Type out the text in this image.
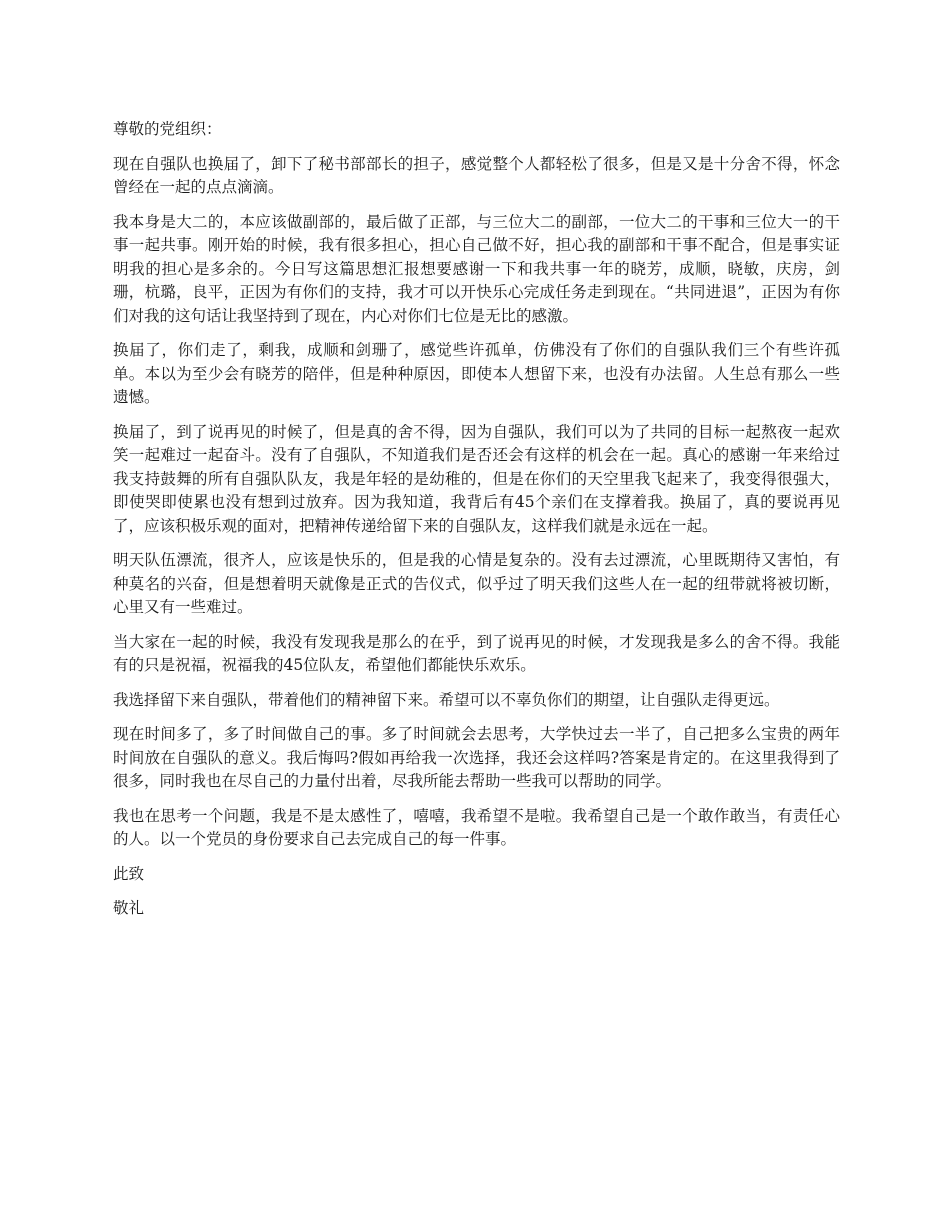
尊敬的党组织：

现在自强队也换届了，卸下了秘书部部长的担子，感觉整个人都轻松了很多，但是又是十分舍不得，怀念曾经在一起的点点滴滴。

我本身是大二的，本应该做副部的，最后做了正部，与三位大二的副部，一位大二的干事和三位大一的干事一起共事。刚开始的时候，我有很多担心，担心自己做不好，担心我的副部和干事不配合，但是事实证明我的担心是多余的。今日写这篇思想汇报想要感谢一下和我共事一年的晓芳，成顺，晓敏，庆房，剑珊，杭璐，良平，正因为有你们的支持，我才可以开快乐心完成任务走到现在。“共同进退”，正因为有你们对我的这句话让我坚持到了现在，内心对你们七位是无比的感激。

换届了，你们走了，剩我，成顺和剑珊了，感觉些许孤单，仿佛没有了你们的自强队我们三个有些许孤单。本以为至少会有晓芳的陪伴，但是种种原因，即使本人想留下来，也没有办法留。人生总有那么一些遗憾。

换届了，到了说再见的时候了，但是真的舍不得，因为自强队，我们可以为了共同的目标一起熬夜一起欢笑一起难过一起奋斗。没有了自强队，不知道我们是否还会有这样的机会在一起。真心的感谢一年来给过我支持鼓舞的所有自强队队友，我是年轻的是幼稚的，但是在你们的天空里我飞起来了，我变得很强大，即使哭即使累也没有想到过放弃。因为我知道，我背后有45个亲们在支撑着我。换届了，真的要说再见了，应该积极乐观的面对，把精神传递给留下来的自强队友，这样我们就是永远在一起。

明天队伍漂流，很齐人，应该是快乐的，但是我的心情是复杂的。没有去过漂流，心里既期待又害怕，有种莫名的兴奋，但是想着明天就像是正式的告仪式，似乎过了明天我们这些人在一起的纽带就将被切断，心里又有一些难过。

当大家在一起的时候，我没有发现我是那么的在乎，到了说再见的时候，才发现我是多么的舍不得。我能有的只是祝福，祝福我的45位队友，希望他们都能快乐欢乐。

我选择留下来自强队，带着他们的精神留下来。希望可以不辜负你们的期望，让自强队走得更远。

现在时间多了，多了时间做自己的事。多了时间就会去思考，大学快过去一半了，自己把多么宝贵的两年时间放在自强队的意义。我后悔吗?假如再给我一次选择，我还会这样吗?答案是肯定的。在这里我得到了很多，同时我也在尽自己的力量付出着，尽我所能去帮助一些我可以帮助的同学。

我也在思考一个问题，我是不是太感性了，嘻嘻，我希望不是啦。我希望自己是一个敢作敢当，有责任心的人。以一个党员的身份要求自己去完成自己的每一件事。

此致

敬礼
